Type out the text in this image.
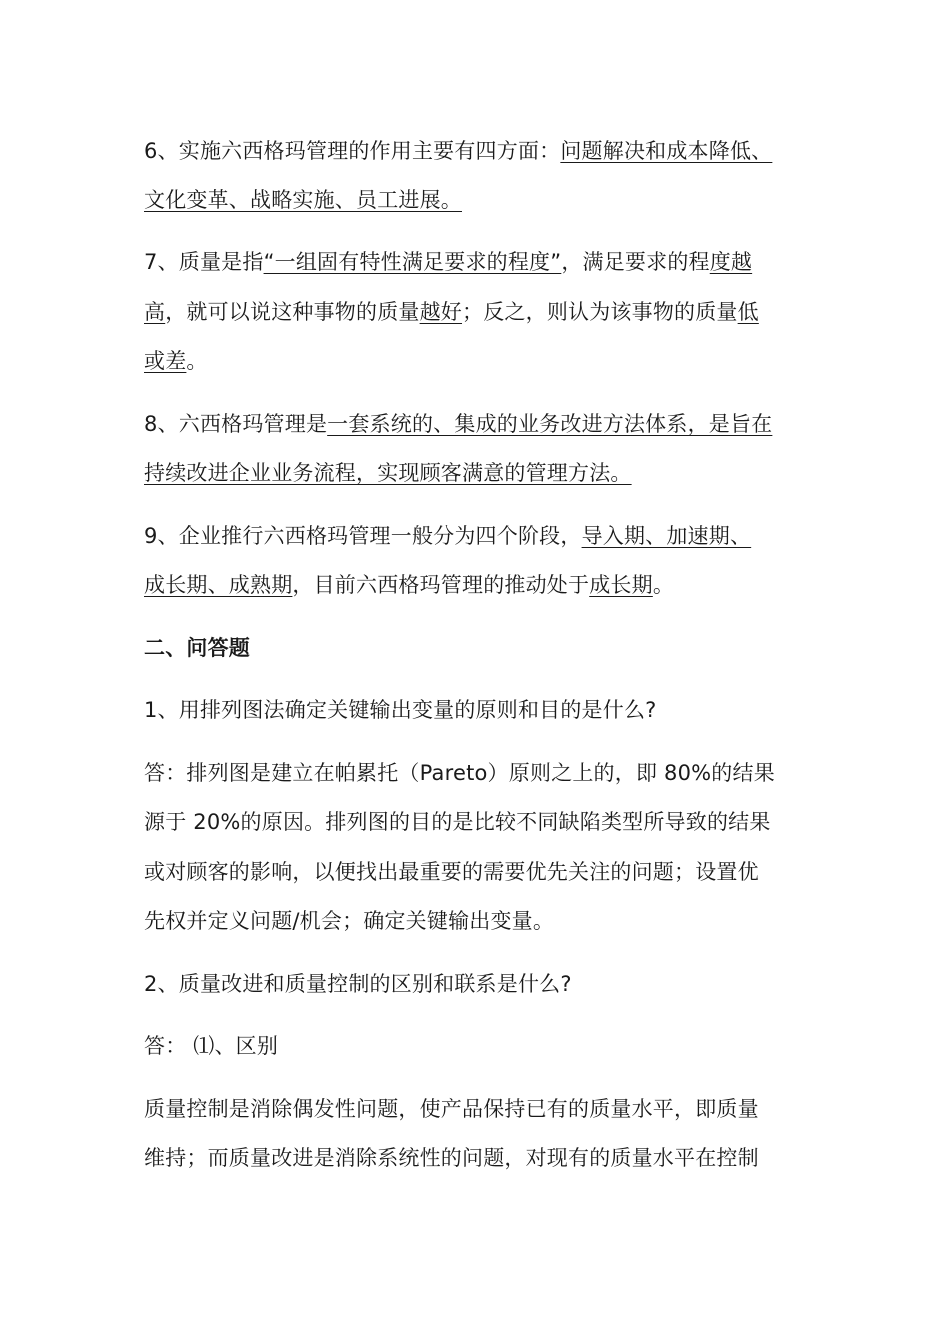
6、实施六西格玛管理的作用主要有四方面：问题解决和成本降低、
文化变革、战略实施、员工进展。
7、质量是指“一组固有特性满足要求的程度”，满足要求的程度越
高，就可以说这种事物的质量越好；反之，则认为该事物的质量低
或差。
8、六西格玛管理是一套系统的、集成的业务改进方法体系，是旨在
持续改进企业业务流程，实现顾客满意的管理方法。
9、企业推行六西格玛管理一般分为四个阶段，导入期、加速期、
成长期、成熟期，目前六西格玛管理的推动处于成长期。
二、问答题
1、用排列图法确定关键输出变量的原则和目的是什么?
答：排列图是建立在帕累托（Pareto）原则之上的，即 80%的结果
源于 20%的原因。排列图的目的是比较不同缺陷类型所导致的结果
或对顾客的影响，以便找出最重要的需要优先关注的问题；设置优
先权并定义问题/机会；确定关键输出变量。
2、质量改进和质量控制的区别和联系是什么?
答： ⑴、区别
质量控制是消除偶发性问题，使产品保持已有的质量水平，即质量
维持；而质量改进是消除系统性的问题，对现有的质量水平在控制
